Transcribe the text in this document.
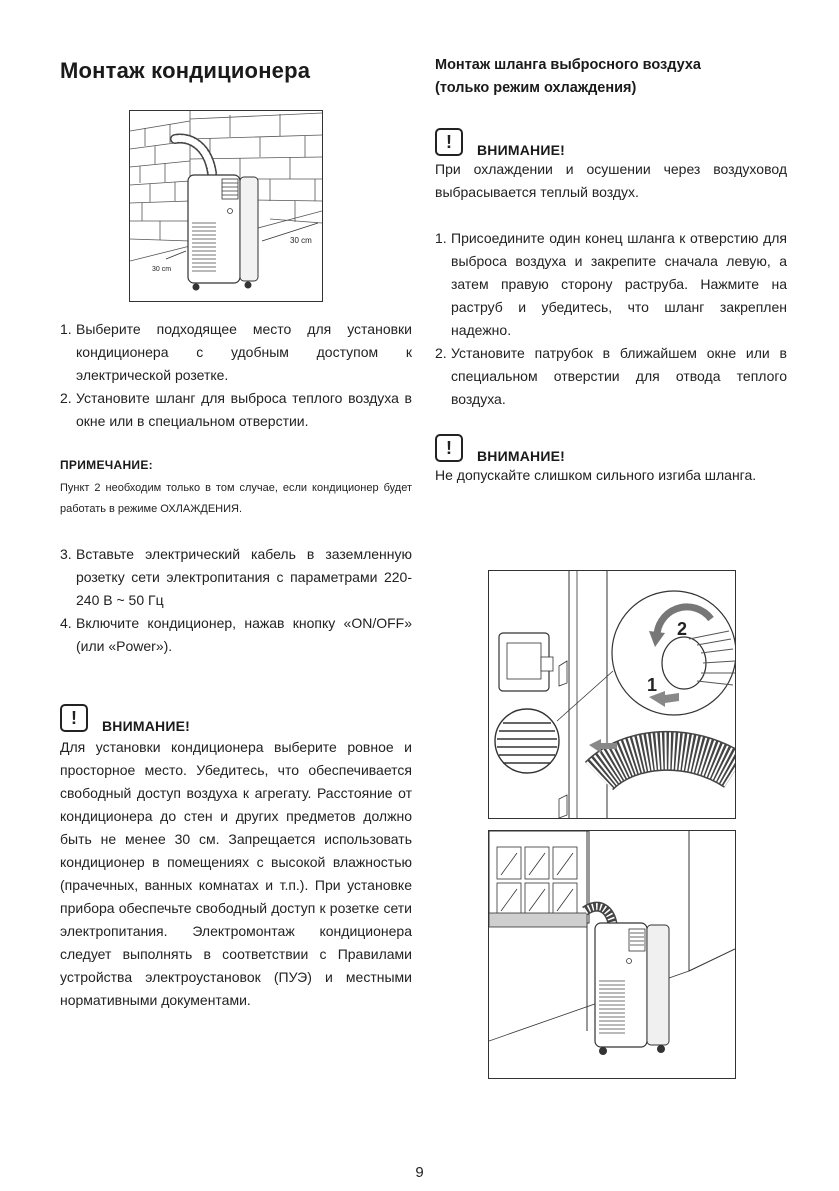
Монтаж кондиционера
30 cm
30 cm
1. Выберите подходящее место для установки кондиционера с удобным доступом к электрической розетке.
2. Установите шланг для выброса теплого воздуха в окне или в специальном отверстии.
ПРИМЕЧАНИЕ:
Пункт 2 необходим только в том случае, если кондиционер будет работать в режиме ОХЛАЖДЕНИЯ.
3. Вставьте электрический кабель в заземленную розетку сети электропитания с параметрами 220-240 В ~ 50 Гц
4. Включите кондиционер, нажав кнопку «ON/OFF» (или «Power»).
!	ВНИМАНИЕ!
Для установки кондиционера выберите ровное и просторное место. Убедитесь, что обеспечивается свободный доступ воздуха к агрегату. Расстояние от кондиционера до стен и других предметов должно быть не менее 30 см. Запрещается использовать кондиционер в помещениях с высокой влажностью (прачечных, ванных комнатах и т.п.). При установке прибора обеспечьте свободный доступ к розетке сети электропитания. Электромонтаж кондиционера следует выполнять в соответствии с Правилами устройства электроустановок (ПУЭ) и местными нормативными документами.
Монтаж шланга выбросного воздуха
(только режим охлаждения)
!	ВНИМАНИЕ!
При охлаждении и осушении через воздуховод выбрасывается теплый воздух.
1. Присоедините один конец шланга к отверстию для выброса воздуха и закрепите сначала левую, а затем правую сторону раструба. Нажмите на раструб и убедитесь, что шланг закреплен надежно.
2. Установите патрубок в ближайшем окне или в специальном отверстии для отвода теплого воздуха.
!	ВНИМАНИЕ!
Не допускайте слишком сильного изгиба шланга.
2
1
9
